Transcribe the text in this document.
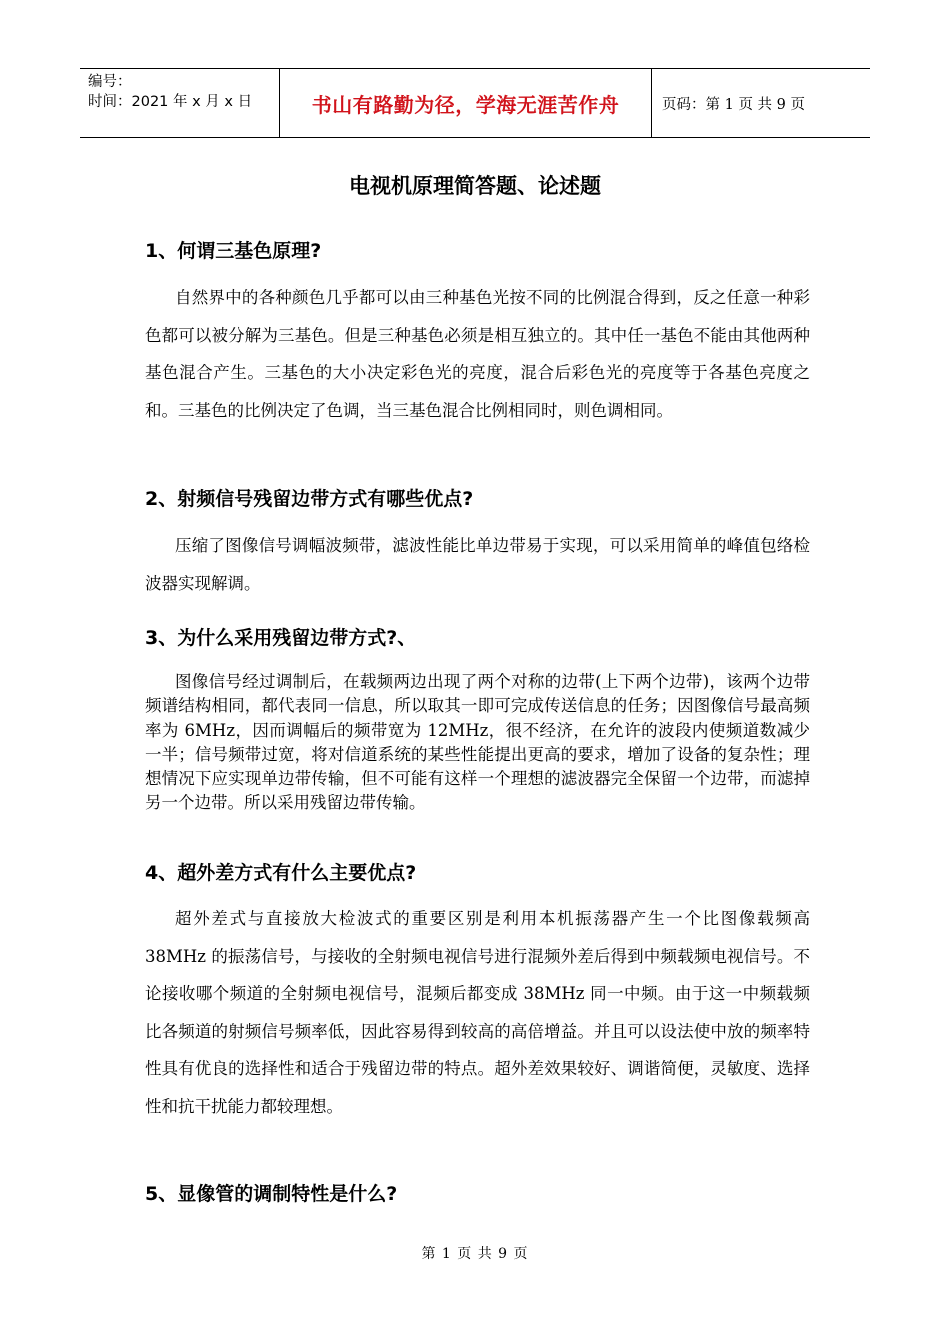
编号：
时间：2021 年 x 月 x 日	书山有路勤为径，学海无涯苦作舟	页码：第 1 页 共 9 页
电视机原理简答题、论述题
1、何谓三基色原理?

自然界中的各种颜色几乎都可以由三种基色光按不同的比例混合得到，反之任意一种彩色都可以被分解为三基色。但是三种基色必须是相互独立的。其中任一基色不能由其他两种基色混合产生。三基色的大小决定彩色光的亮度，混合后彩色光的亮度等于各基色亮度之和。三基色的比例决定了色调，当三基色混合比例相同时，则色调相同。

2、射频信号残留边带方式有哪些优点?

压缩了图像信号调幅波频带，滤波性能比单边带易于实现，可以采用简单的峰值包络检波器实现解调。

3、为什么采用残留边带方式?、

图像信号经过调制后，在载频两边出现了两个对称的边带(上下两个边带)，该两个边带频谱结构相同，都代表同一信息，所以取其一即可完成传送信息的任务；因图像信号最高频率为 6MHz，因而调幅后的频带宽为 12MHz，很不经济，在允许的波段内使频道数减少一半；信号频带过宽，将对信道系统的某些性能提出更高的要求，增加了设备的复杂性；理想情况下应实现单边带传输，但不可能有这样一个理想的滤波器完全保留一个边带，而滤掉另一个边带。所以采用残留边带传输。

4、超外差方式有什么主要优点?

超外差式与直接放大检波式的重要区别是利用本机振荡器产生一个比图像载频高 38MHz 的振荡信号，与接收的全射频电视信号进行混频外差后得到中频载频电视信号。不论接收哪个频道的全射频电视信号，混频后都变成 38MHz 同一中频。由于这一中频载频比各频道的射频信号频率低，因此容易得到较高的高倍增益。并且可以设法使中放的频率特性具有优良的选择性和适合于残留边带的特点。超外差效果较好、调谐简便，灵敏度、选择性和抗干扰能力都较理想。

5、显像管的调制特性是什么?
第 1 页 共 9 页
